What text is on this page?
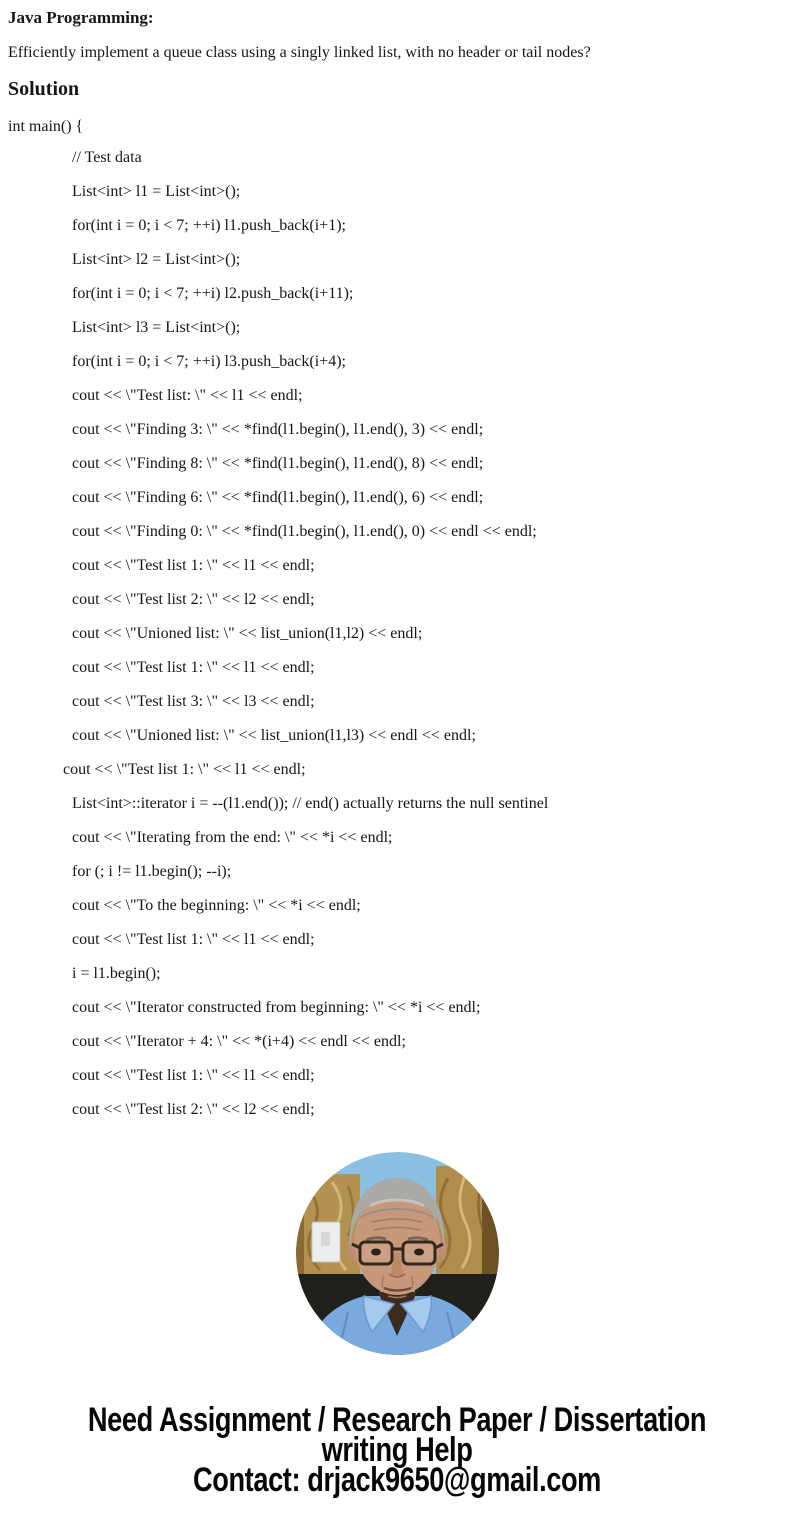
Java Programming:
Efficiently implement a queue class using a singly linked list, with no header or tail nodes?
Solution
int main() {
// Test data
List<int> l1 = List<int>();
for(int i = 0; i < 7; ++i) l1.push_back(i+1);
List<int> l2 = List<int>();
for(int i = 0; i < 7; ++i) l2.push_back(i+11);
List<int> l3 = List<int>();
for(int i = 0; i < 7; ++i) l3.push_back(i+4);
cout << \"Test list: \" << l1 << endl;
cout << \"Finding 3: \" << *find(l1.begin(), l1.end(), 3) << endl;
cout << \"Finding 8: \" << *find(l1.begin(), l1.end(), 8) << endl;
cout << \"Finding 6: \" << *find(l1.begin(), l1.end(), 6) << endl;
cout << \"Finding 0: \" << *find(l1.begin(), l1.end(), 0) << endl << endl;
cout << \"Test list 1: \" << l1 << endl;
cout << \"Test list 2: \" << l2 << endl;
cout << \"Unioned list: \" << list_union(l1,l2) << endl;
cout << \"Test list 1: \" << l1 << endl;
cout << \"Test list 3: \" << l3 << endl;
cout << \"Unioned list: \" << list_union(l1,l3) << endl << endl;
cout << \"Test list 1: \" << l1 << endl;
List<int>::iterator i = --(l1.end()); // end() actually returns the null sentinel
cout << \"Iterating from the end: \" << *i << endl;
for (; i != l1.begin(); --i);
cout << \"To the beginning: \" << *i << endl;
cout << \"Test list 1: \" << l1 << endl;
i = l1.begin();
cout << \"Iterator constructed from beginning: \" << *i << endl;
cout << \"Iterator + 4: \" << *(i+4) << endl << endl;
cout << \"Test list 1: \" << l1 << endl;
cout << \"Test list 2: \" << l2 << endl;
Need Assignment / Research Paper / Dissertation
writing Help
Contact: drjack9650@gmail.com
